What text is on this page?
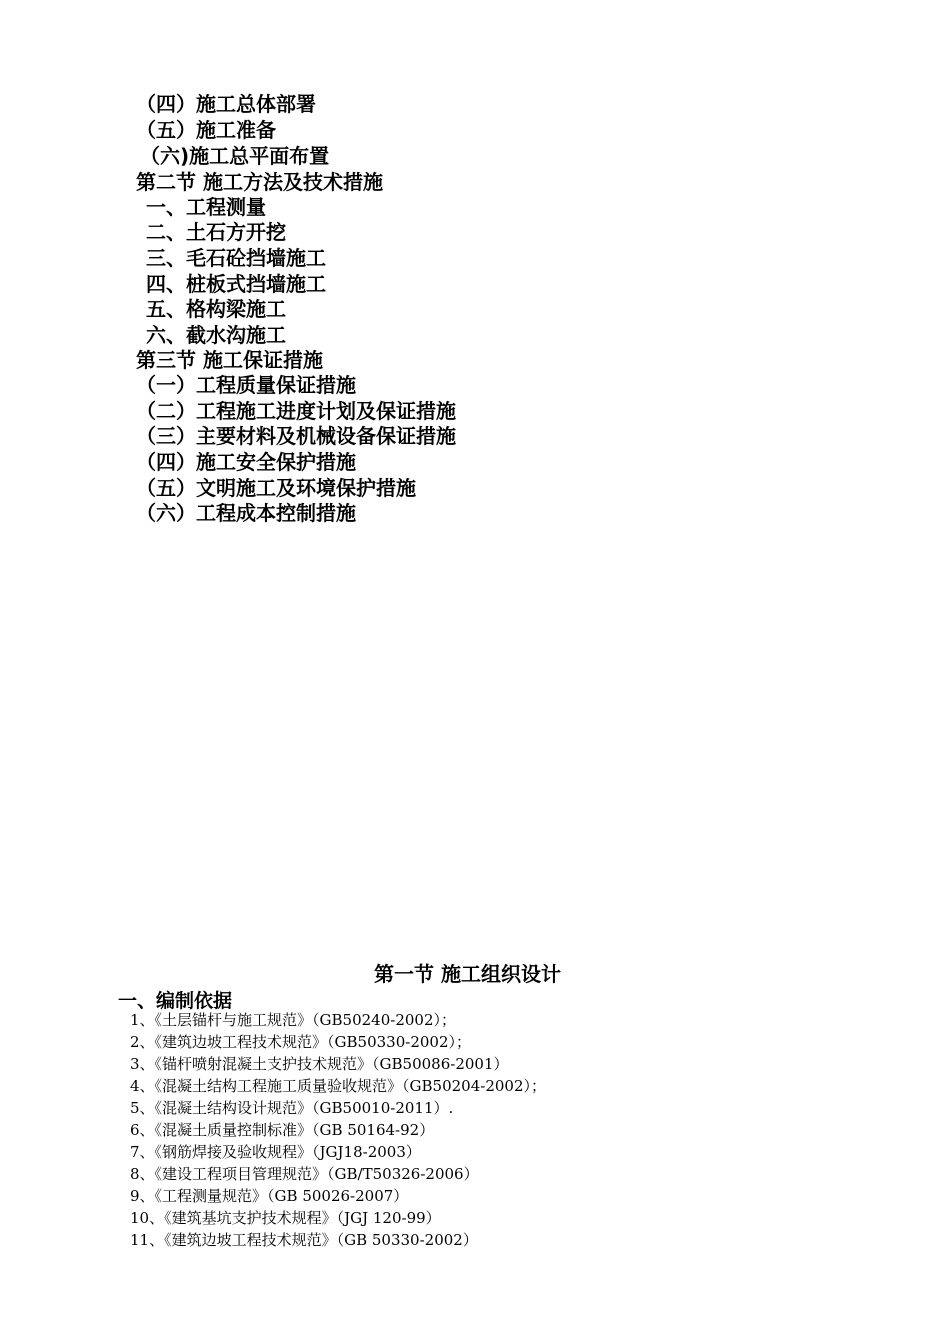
（四）施工总体部署
（五）施工准备
（六)施工总平面布置
第二节 施工方法及技术措施
一、工程测量
二、土石方开挖
三、毛石砼挡墙施工
四、桩板式挡墙施工
五、格构梁施工
六、截水沟施工
第三节 施工保证措施
（一）工程质量保证措施
（二）工程施工进度计划及保证措施
（三）主要材料及机械设备保证措施
（四）施工安全保护措施
（五）文明施工及环境保护措施
（六）工程成本控制措施
第一节 施工组织设计
一、编制依据
1、《土层锚杆与施工规范》（GB50240-2002）；
2、《建筑边坡工程技术规范》（GB50330-2002）；
3、《锚杆喷射混凝土支护技术规范》（GB50086-2001）
4、《混凝土结构工程施工质量验收规范》（GB50204-2002）；
5、《混凝土结构设计规范》（GB50010-2011）.
6、《混凝土质量控制标准》（GB 50164-92）
7、《钢筋焊接及验收规程》（JGJ18-2003）
8、《建设工程项目管理规范》（GB/T50326-2006）
9、《工程测量规范》（GB 50026-2007）
10、《建筑基坑支护技术规程》（JGJ 120-99）
11、《建筑边坡工程技术规范》（GB 50330-2002）
